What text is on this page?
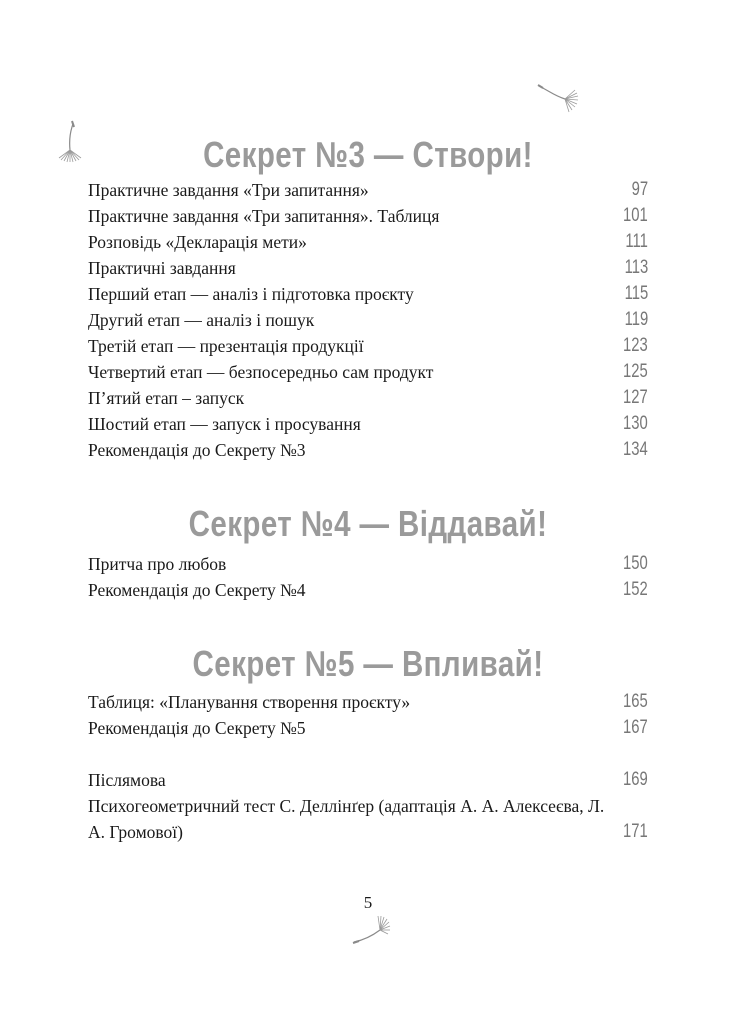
Секрет №3 — Створи!
Практичне завдання «Три запитання»	97
Практичне завдання «Три запитання». Таблиця	101
Розповідь «Декларація мети»	111
Практичні завдання	113
Перший етап — аналіз і підготовка проєкту	115
Другий етап — аналіз і пошук	119
Третій етап — презентація продукції	123
Четвертий етап — безпосередньо сам продукт	125
П’ятий етап – запуск	127
Шостий етап — запуск і просування	130
Рекомендація до Секрету №3	134
Секрет №4 — Віддавай!
Притча про любов	150
Рекомендація до Секрету №4	152
Секрет №5 — Впливай!
Таблиця: «Планування створення проєкту»	165
Рекомендація до Секрету №5	167
Післямова	169
Психогеометричний тест С. Деллінґер (адаптація А. А. Алексеєва, Л. А. Громової)	171
5
